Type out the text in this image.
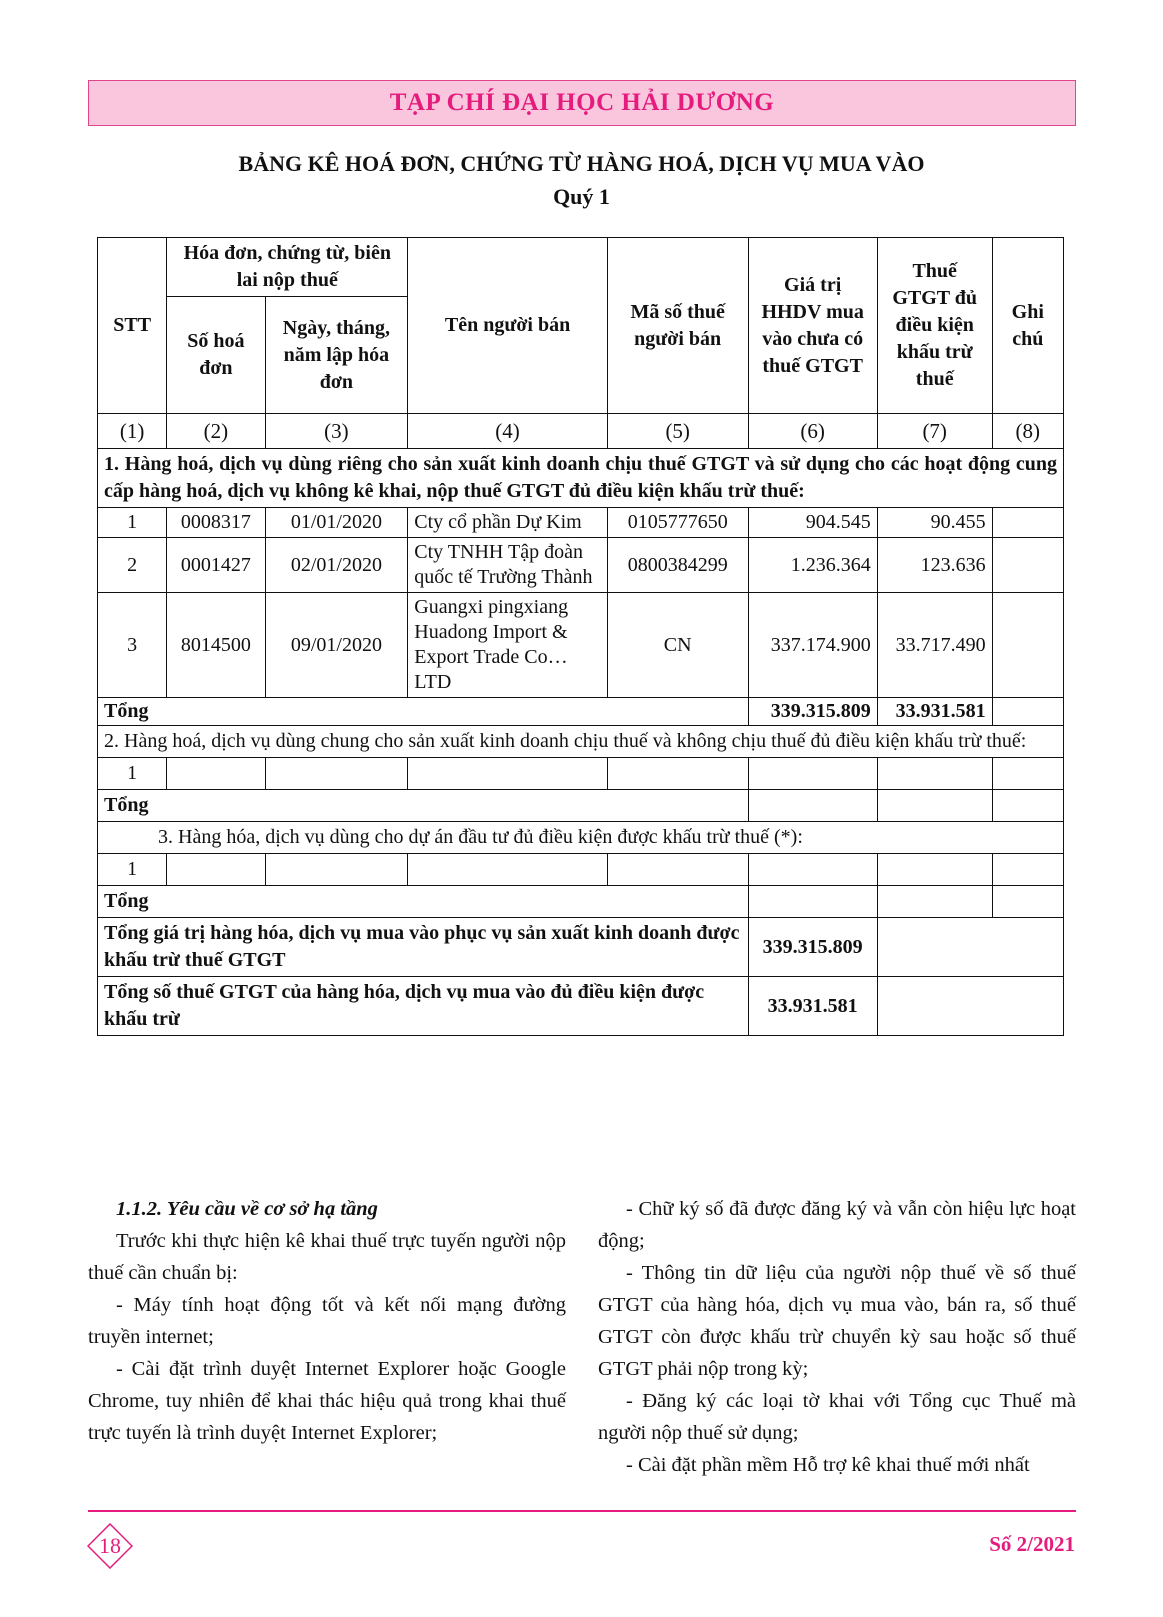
TẠP CHÍ ĐẠI HỌC HẢI DƯƠNG
BẢNG KÊ HOÁ ĐƠN, CHỨNG TỪ HÀNG HOÁ, DỊCH VỤ MUA VÀO
Quý 1
STT	Hóa đơn, chứng từ, biên lai nộp thuế		Tên người bán	Mã số thuế người bán	Giá trị HHDV mua vào chưa có thuế GTGT	Thuế GTGT đủ điều kiện khấu trừ thuế	Ghi chú
	Số hoá đơn	Ngày, tháng, năm lập hóa đơn					
(1)	(2)	(3)	(4)	(5)	(6)	(7)	(8)
1. Hàng hoá, dịch vụ dùng riêng cho sản xuất kinh doanh chịu thuế GTGT và sử dụng cho các hoạt động cung cấp hàng hoá, dịch vụ không kê khai, nộp thuế GTGT đủ điều kiện khấu trừ thuế:							
1	0008317	01/01/2020	Cty cổ phần Dự Kim	0105777650	904.545	90.455	
2	0001427	02/01/2020	Cty TNHH Tập đoàn quốc tế Trường Thành	0800384299	1.236.364	123.636	
3	8014500	09/01/2020	Guangxi pingxiang Huadong Import & Export Trade Co…LTD	CN	337.174.900	33.717.490	
Tổng					339.315.809	33.931.581	
2. Hàng hoá, dịch vụ dùng chung cho sản xuất kinh doanh chịu thuế và không chịu thuế đủ điều kiện khấu trừ thuế:							
1							
Tổng							
3. Hàng hóa, dịch vụ dùng cho dự án đầu tư đủ điều kiện được khấu trừ thuế (*):							
1							
Tổng							
Tổng giá trị hàng hóa, dịch vụ mua vào phục vụ sản xuất kinh doanh được khấu trừ thuế GTGT					339.315.809		
Tổng số thuế GTGT của hàng hóa, dịch vụ mua vào đủ điều kiện được khấu trừ					33.931.581		

1.1.2. Yêu cầu về cơ sở hạ tầng

Trước khi thực hiện kê khai thuế trực tuyến người nộp thuế cần chuẩn bị:

- Máy tính hoạt động tốt và kết nối mạng đường truyền internet;

- Cài đặt trình duyệt Internet Explorer hoặc Google Chrome, tuy nhiên để khai thác hiệu quả trong khai thuế trực tuyến là trình duyệt Internet Explorer;

- Chữ ký số đã được đăng ký và vẫn còn hiệu lực hoạt động;

- Thông tin dữ liệu của người nộp thuế về số thuế GTGT của hàng hóa, dịch vụ mua vào, bán ra, số thuế GTGT còn được khấu trừ chuyển kỳ sau hoặc số thuế GTGT phải nộp trong kỳ;

- Đăng ký các loại tờ khai với Tổng cục Thuế mà người nộp thuế sử dụng;

- Cài đặt phần mềm Hỗ trợ kê khai thuế mới nhất

18	Số 2/2021
